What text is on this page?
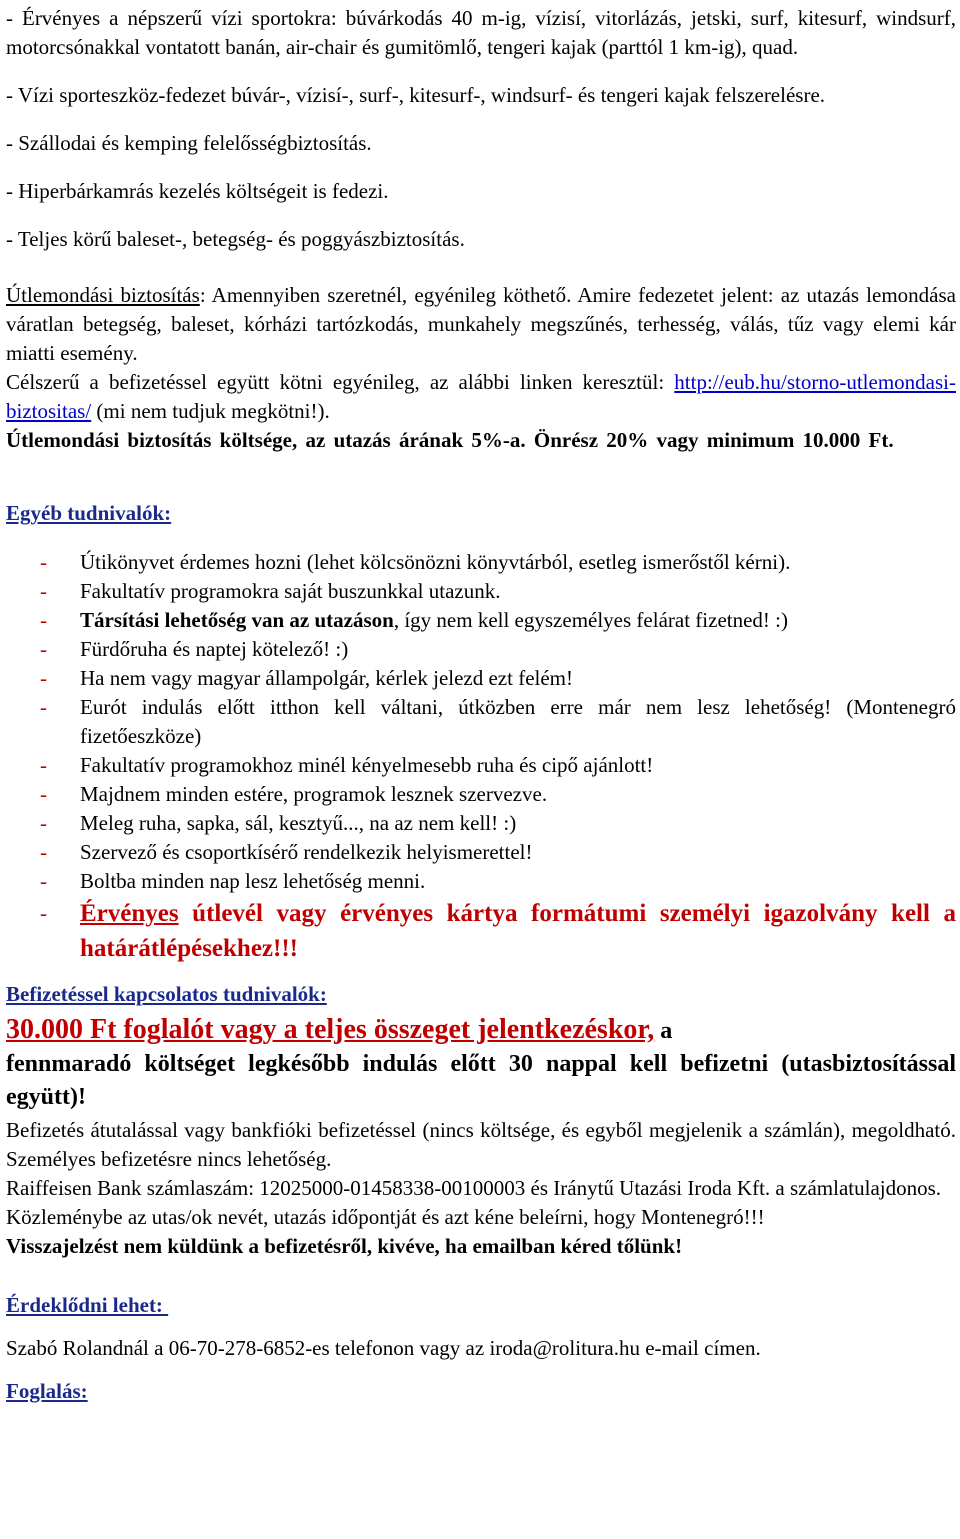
- Érvényes a népszerű vízi sportokra: búvárkodás 40 m-ig, vízisí, vitorlázás, jetski, surf, kitesurf, windsurf, motorcsónakkal vontatott banán, air-chair és gumitömlő, tengeri kajak (parttól 1 km-ig), quad.

- Vízi sporteszköz-fedezet búvár-, vízisí-, surf-, kitesurf-, windsurf- és tengeri kajak felszerelésre.

- Szállodai és kemping felelősségbiztosítás.

- Hiperbárkamrás kezelés költségeit is fedezi.

- Teljes körű baleset-, betegség- és poggyászbiztosítás.

Útlemondási biztosítás: Amennyiben szeretnél, egyénileg köthető. Amire fedezetet jelent: az utazás lemondása váratlan betegség, baleset, kórházi tartózkodás, munkahely megszűnés, terhesség, válás, tűz vagy elemi kár miatti esemény.

Célszerű a befizetéssel együtt kötni egyénileg, az alábbi linken keresztül: http://eub.hu/storno-utlemondasi-biztositas/ (mi nem tudjuk megkötni!).

Útlemondási biztosítás költsége, az utazás árának 5%-a. Önrész 20% vagy minimum 10.000 Ft.

Egyéb tudnivalók:

- Útikönyvet érdemes hozni (lehet kölcsönözni könyvtárból, esetleg ismerőstől kérni).
- Fakultatív programokra saját buszunkkal utazunk.
- Társítási lehetőség van az utazáson, így nem kell egyszemélyes felárat fizetned! :)
- Fürdőruha és naptej kötelező! :)
- Ha nem vagy magyar állampolgár, kérlek jelezd ezt felém!
- Eurót indulás előtt itthon kell váltani, útközben erre már nem lesz lehetőség! (Montenegró fizetőeszköze)
- Fakultatív programokhoz minél kényelmesebb ruha és cipő ajánlott!
- Majdnem minden estére, programok lesznek szervezve.
- Meleg ruha, sapka, sál, kesztyű..., na az nem kell! :)
- Szervező és csoportkísérő rendelkezik helyismerettel!
- Boltba minden nap lesz lehetőség menni.
- Érvényes útlevél vagy érvényes kártya formátumi személyi igazolvány kell a határátlépésekhez!!!

Befizetéssel kapcsolatos tudnivalók:

30.000 Ft foglalót vagy a teljes összeget jelentkezéskor, a

fennmaradó költséget legkésőbb indulás előtt 30 nappal kell befizetni (utasbiztosítással együtt)!

Befizetés átutalással vagy bankfióki befizetéssel (nincs költsége, és egyből megjelenik a számlán), megoldható. Személyes befizetésre nincs lehetőség.

Raiffeisen Bank számlaszám: 12025000-01458338-00100003 és Iránytű Utazási Iroda Kft. a számlatulajdonos.

Közleménybe az utas/ok nevét, utazás időpontját és azt kéne beleírni, hogy Montenegró!!!

Visszajelzést nem küldünk a befizetésről, kivéve, ha emailban kéred tőlünk!

Érdeklődni lehet:

Szabó Rolandnál a 06-70-278-6852-es telefonon vagy az iroda@rolitura.hu e-mail címen.

Foglalás:
